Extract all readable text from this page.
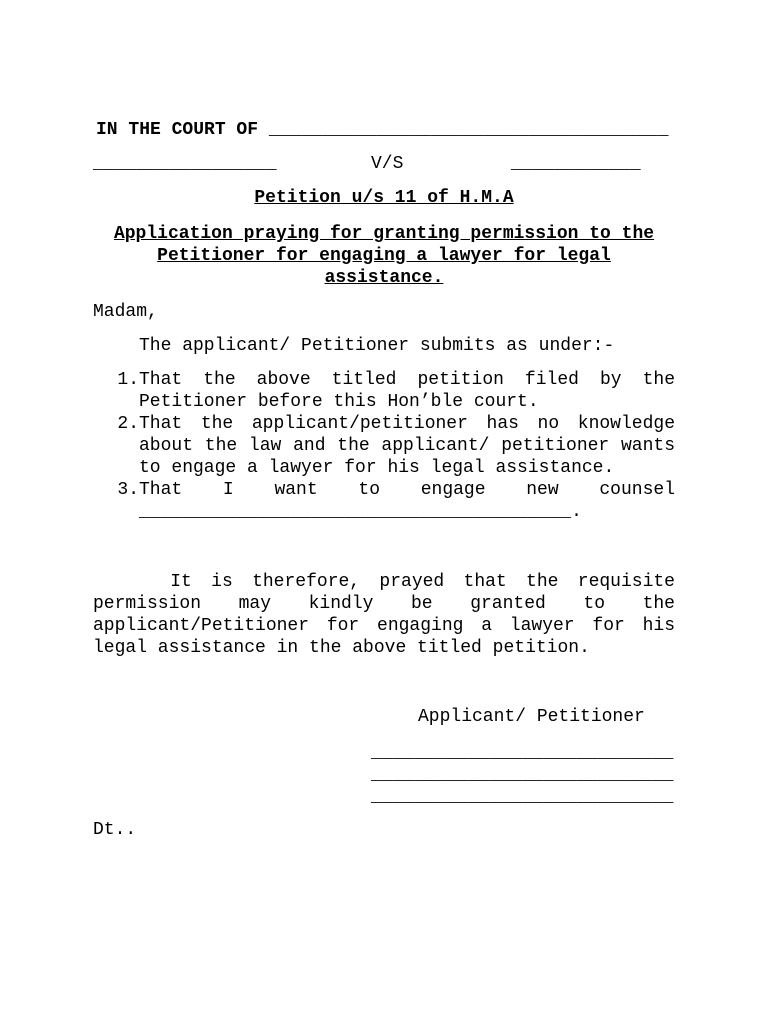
IN THE COURT OF _____________________________________
_________________	V/S	____________
Petition u/s 11 of H.M.A
Application praying for granting permission to the
Petitioner for engaging a lawyer for legal
assistance.
Madam,
The applicant/ Petitioner submits as under:-
1. That the above titled petition filed by the
Petitioner before this Hon’ble court.
2. That the applicant/petitioner has no knowledge
about the law and the applicant/ petitioner wants
to engage a lawyer for his legal assistance.
3. That I want to engage new counsel
________________________________________.
It is therefore, prayed that the requisite
permission may kindly be granted to the
applicant/Petitioner for engaging a lawyer for his
legal assistance in the above titled petition.
Applicant/ Petitioner
____________________________
____________________________
____________________________
Dt..
